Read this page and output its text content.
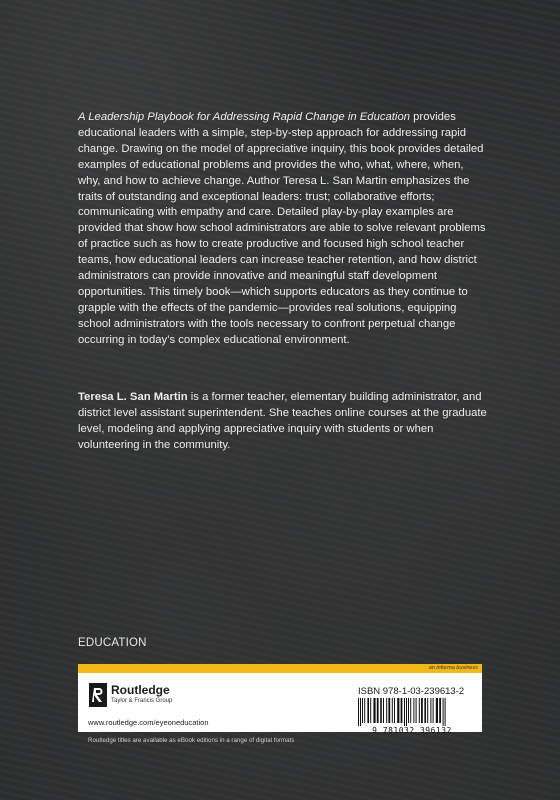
A Leadership Playbook for Addressing Rapid Change in Education provides educational leaders with a simple, step-by-step approach for addressing rapid change. Drawing on the model of appreciative inquiry, this book provides detailed examples of educational problems and provides the who, what, where, when, why, and how to achieve change. Author Teresa L. San Martin emphasizes the traits of outstanding and exceptional leaders: trust; collaborative efforts; communicating with empathy and care. Detailed play-by-play examples are provided that show how school administrators are able to solve relevant problems of practice such as how to create productive and focused high school teacher teams, how educational leaders can increase teacher retention, and how district administrators can provide innovative and meaningful staff development opportunities. This timely book—which supports educators as they continue to grapple with the effects of the pandemic—provides real solutions, equipping school administrators with the tools necessary to confront perpetual change occurring in today’s complex educational environment.

Teresa L. San Martin is a former teacher, elementary building administrator, and district level assistant superintendent. She teaches online courses at the graduate level, modeling and applying appreciative inquiry with students or when volunteering in the community.

EDUCATION
an informa business
Routledge
Taylor & Francis Group
www.routledge.com/eyeoneducation
ISBN 978-1-03-239613-2
9 781032 396132
Routledge titles are available as eBook editions in a range of digital formats
